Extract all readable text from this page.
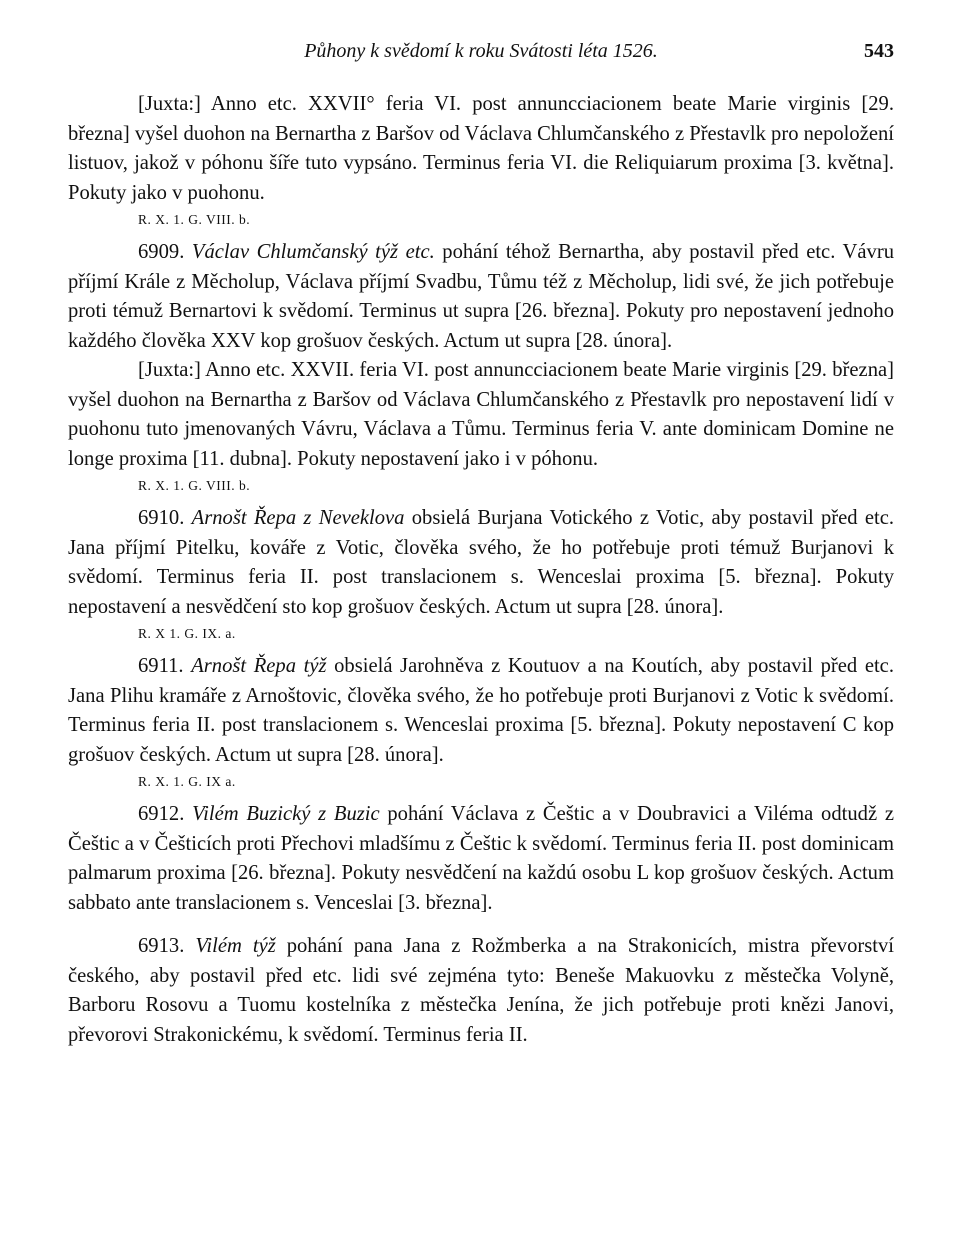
Půhony k svědomí k roku Svátosti léta 1526.	543

[Juxta:] Anno etc. XXVII° feria VI. post annuncciacionem beate Marie virginis [29. března] vyšel duohon na Bernartha z Baršov od Václava Chlumčanského z Přestavlk pro nepoložení listuov, jakož v póhonu šíře tuto vypsáno. Terminus feria VI. die Reliquiarum proxima [3. května]. Pokuty jako v puohonu.

R. X. 1. G. VIII. b.

6909. Václav Chlumčanský týž etc. pohání téhož Bernartha, aby postavil před etc. Vávru příjmí Krále z Měcholup, Václava příjmí Svadbu, Tůmu též z Měcholup, lidi své, že jich potřebuje proti témuž Bernartovi k svědomí. Terminus ut supra [26. března]. Pokuty pro nepostavení jednoho každého člověka XXV kop grošuov českých. Actum ut supra [28. února].

[Juxta:] Anno etc. XXVII. feria VI. post annuncciacionem beate Marie virginis [29. března] vyšel duohon na Bernartha z Baršov od Václava Chlumčanského z Přestavlk pro nepostavení lidí v puohonu tuto jmenovaných Vávru, Václava a Tůmu. Terminus feria V. ante dominicam Domine ne longe proxima [11. dubna]. Pokuty nepostavení jako i v póhonu.

R. X. 1. G. VIII. b.

6910. Arnošt Řepa z Neveklova obsielá Burjana Votického z Votic, aby postavil před etc. Jana příjmí Pitelku, kováře z Votic, člověka svého, že ho potřebuje proti témuž Burjanovi k svědomí. Terminus feria II. post translacionem s. Wenceslai proxima [5. března]. Pokuty nepostavení a nesvědčení sto kop grošuov českých. Actum ut supra [28. února].

R. X 1. G. IX. a.

6911. Arnošt Řepa týž obsielá Jarohněva z Koutuov a na Koutích, aby postavil před etc. Jana Plihu kramáře z Arnoštovic, člověka svého, že ho potřebuje proti Burjanovi z Votic k svědomí. Terminus feria II. post translacionem s. Wenceslai proxima [5. března]. Pokuty nepostavení C kop grošuov českých. Actum ut supra [28. února].

R. X. 1. G. IX a.

6912. Vilém Buzický z Buzic pohání Václava z Češtic a v Doubravici a Viléma odtudž z Češtic a v Češticích proti Přechovi mladšímu z Češtic k svědomí. Terminus feria II. post dominicam palmarum proxima [26. března]. Pokuty nesvědčení na každú osobu L kop grošuov českých. Actum sabbato ante translacionem s. Venceslai [3. března].

6913. Vilém týž pohání pana Jana z Rožmberka a na Strakonicích, mistra převorství českého, aby postavil před etc. lidi své zejména tyto: Beneše Makuovku z městečka Volyně, Barboru Rosovu a Tuomu kostelníka z městečka Jenína, že jich potřebuje proti knězi Janovi, převorovi Strakonickému, k svědomí. Terminus feria II.
